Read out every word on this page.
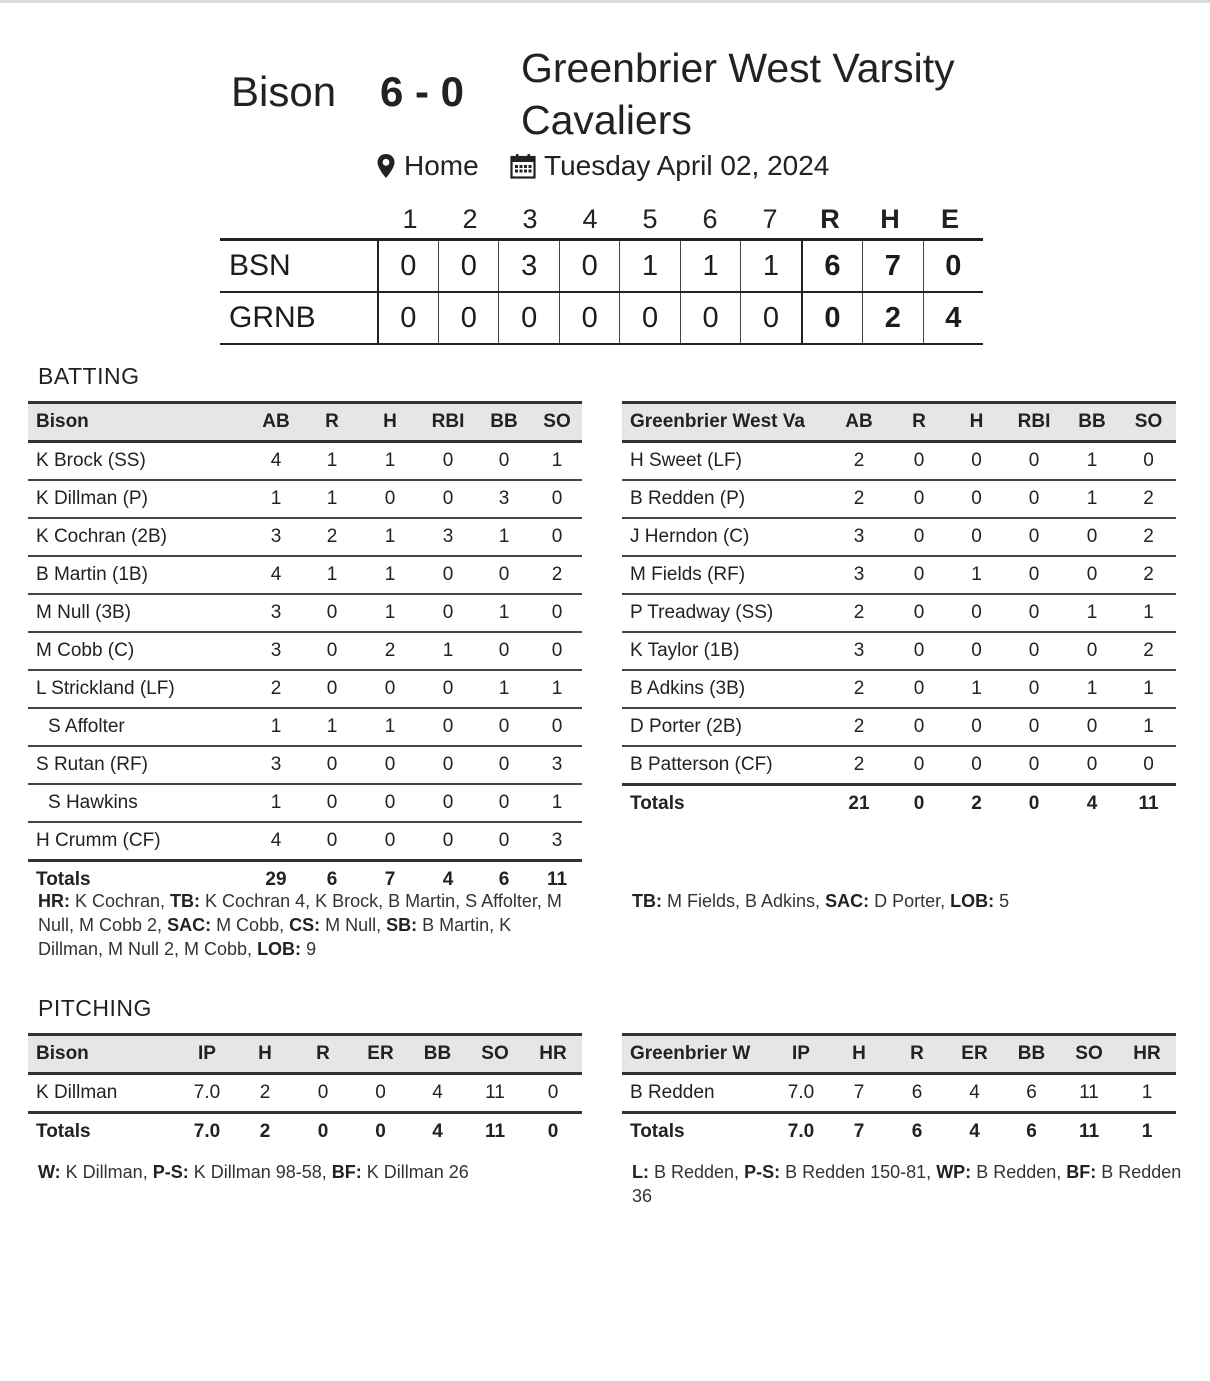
Bison 6 - 0 Greenbrier West Varsity
Cavaliers
Home Tuesday April 02, 2024
1	2	3	4	5	6	7	R	H	E
BSN	0	0	3	0	1	1	1	6	7	0
GRNB	0	0	0	0	0	0	0	0	2	4
BATTING
Bison	AB	R	H	RBI	BB	SO
K Brock (SS)	4	1	1	0	0	1
K Dillman (P)	1	1	0	0	3	0
K Cochran (2B)	3	2	1	3	1	0
B Martin (1B)	4	1	1	0	0	2
M Null (3B)	3	0	1	0	1	0
M Cobb (C)	3	0	2	1	0	0
L Strickland (LF)	2	0	0	0	1	1
S Affolter	1	1	1	0	0	0
S Rutan (RF)	3	0	0	0	0	3
S Hawkins	1	0	0	0	0	1
H Crumm (CF)	4	0	0	0	0	3
Totals	29	6	7	4	6	11
Greenbrier West Va	AB	R	H	RBI	BB	SO
H Sweet (LF)	2	0	0	0	1	0
B Redden (P)	2	0	0	0	1	2
J Herndon (C)	3	0	0	0	0	2
M Fields (RF)	3	0	1	0	0	2
P Treadway (SS)	2	0	0	0	1	1
K Taylor (1B)	3	0	0	0	0	2
B Adkins (3B)	2	0	1	0	1	1
D Porter (2B)	2	0	0	0	0	1
B Patterson (CF)	2	0	0	0	0	0
Totals	21	0	2	0	4	11
HR: K Cochran, TB: K Cochran 4, K Brock, B Martin, S Affolter, M Null, M Cobb 2, SAC: M Cobb, CS: M Null, SB: B Martin, K Dillman, M Null 2, M Cobb, LOB: 9
TB: M Fields, B Adkins, SAC: D Porter, LOB: 5
PITCHING
Bison	IP	H	R	ER	BB	SO	HR
K Dillman	7.0	2	0	0	4	11	0
Totals	7.0	2	0	0	4	11	0
Greenbrier W	IP	H	R	ER	BB	SO	HR
B Redden	7.0	7	6	4	6	11	1
Totals	7.0	7	6	4	6	11	1
W: K Dillman, P-S: K Dillman 98-58, BF: K Dillman 26	L: B Redden, P-S: B Redden 150-81, WP: B Redden, BF: B Redden 36
